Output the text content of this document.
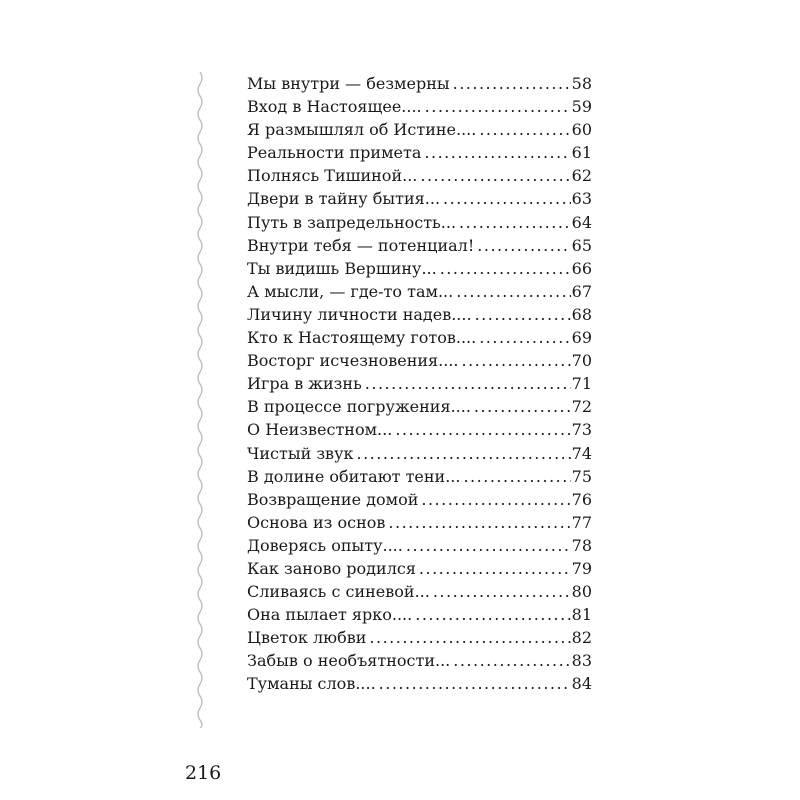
Мы внутри — безмерны .....	58
Вход в Настоящее.... .....	59
Я размышлял об Истине.... .....	60
Реальности примета .....	61
Полнясь Тишиной... .....	62
Двери в тайну бытия... .....	63
Путь в запредельность... .....	64
Внутри тебя — потенциал! .....	65
Ты видишь Вершину... .....	66
А мысли, — где-то там... .....	67
Личину личности надев.... .....	68
Кто к Настоящему готов.... .....	69
Восторг исчезновения.... .....	70
Игра в жизнь .....	71
В процессе погружения.... .....	72
О Неизвестном... .....	73
Чистый звук .....	74
В долине обитают тени... .....	75
Возвращение домой .....	76
Основа из основ .....	77
Доверясь опыту.... .....	78
Как заново родился .....	79
Сливаясь с синевой... .....	80
Она пылает ярко.... .....	81
Цветок любви .....	82
Забыв о необъятности... .....	83
Туманы слов.... .....	84

216
